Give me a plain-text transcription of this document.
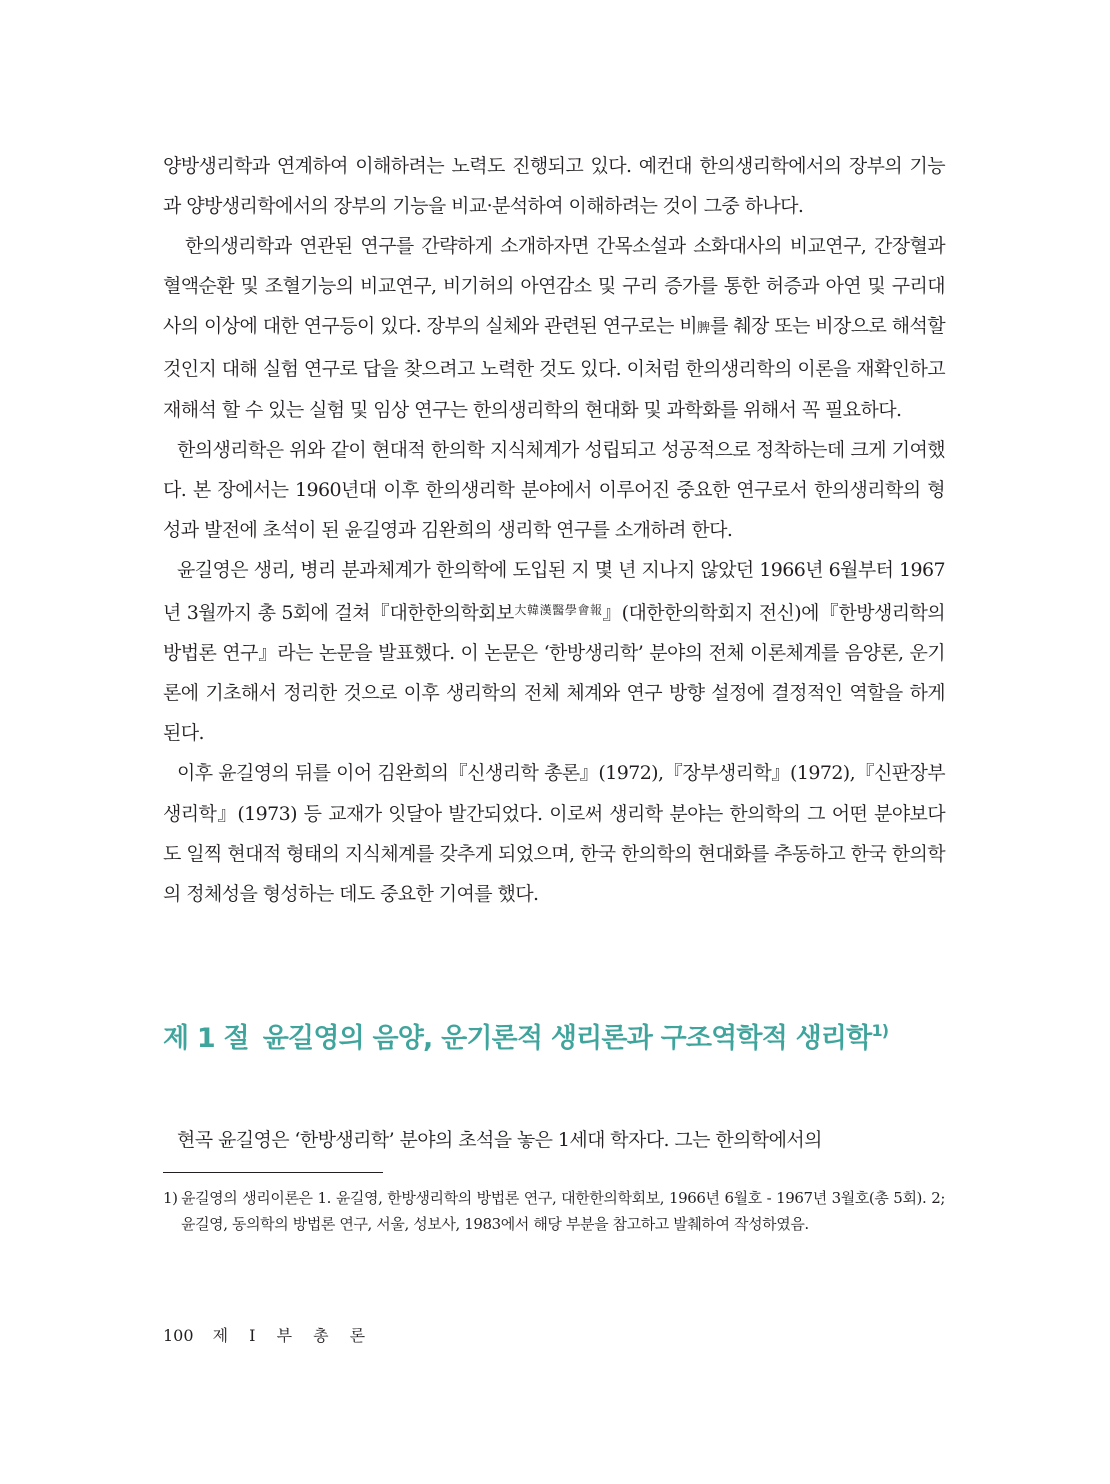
양방생리학과 연계하여 이해하려는 노력도 진행되고 있다. 예컨대 한의생리학에서의 장부의 기능과 양방생리학에서의 장부의 기능을 비교·분석하여 이해하려는 것이 그중 하나다.

한의생리학과 연관된 연구를 간략하게 소개하자면 간목소설과 소화대사의 비교연구, 간장혈과 혈액순환 및 조혈기능의 비교연구, 비기허의 아연감소 및 구리 증가를 통한 허증과 아연 및 구리대사의 이상에 대한 연구등이 있다. 장부의 실체와 관련된 연구로는 비脾를 췌장 또는 비장으로 해석할 것인지 대해 실험 연구로 답을 찾으려고 노력한 것도 있다. 이처럼 한의생리학의 이론을 재확인하고 재해석 할 수 있는 실험 및 임상 연구는 한의생리학의 현대화 및 과학화를 위해서 꼭 필요하다.

한의생리학은 위와 같이 현대적 한의학 지식체계가 성립되고 성공적으로 정착하는데 크게 기여했다. 본 장에서는 1960년대 이후 한의생리학 분야에서 이루어진 중요한 연구로서 한의생리학의 형성과 발전에 초석이 된 윤길영과 김완희의 생리학 연구를 소개하려 한다.

윤길영은 생리, 병리 분과체계가 한의학에 도입된 지 몇 년 지나지 않았던 1966년 6월부터 1967년 3월까지 총 5회에 걸쳐『대한한의학회보$^{大韓漢醫學會報}$』(대한한의학회지 전신)에『한방생리학의 방법론 연구』라는 논문을 발표했다. 이 논문은 ‘한방생리학’ 분야의 전체 이론체계를 음양론, 운기론에 기초해서 정리한 것으로 이후 생리학의 전체 체계와 연구 방향 설정에 결정적인 역할을 하게 된다.

이후 윤길영의 뒤를 이어 김완희의『신생리학 총론』(1972),『장부생리학』(1972),『신판장부생리학』(1973) 등 교재가 잇달아 발간되었다. 이로써 생리학 분야는 한의학의 그 어떤 분야보다도 일찍 현대적 형태의 지식체계를 갖추게 되었으며, 한국 한의학의 현대화를 추동하고 한국 한의학의 정체성을 형성하는 데도 중요한 기여를 했다.

제 1 절 윤길영의 음양, 운기론적 생리론과 구조역학적 생리학$^{1)}$

현곡 윤길영은 ‘한방생리학’ 분야의 초석을 놓은 1세대 학자다. 그는 한의학에서의

1) 윤길영의 생리이론은 1. 윤길영, 한방생리학의 방법론 연구, 대한한의학회보, 1966년 6월호 - 1967년 3월호(총 5회). 2; 윤길영, 동의학의 방법론 연구, 서울, 성보사, 1983에서 해당 부분을 참고하고 발췌하여 작성하였음.
100 제 I 부 총 론
